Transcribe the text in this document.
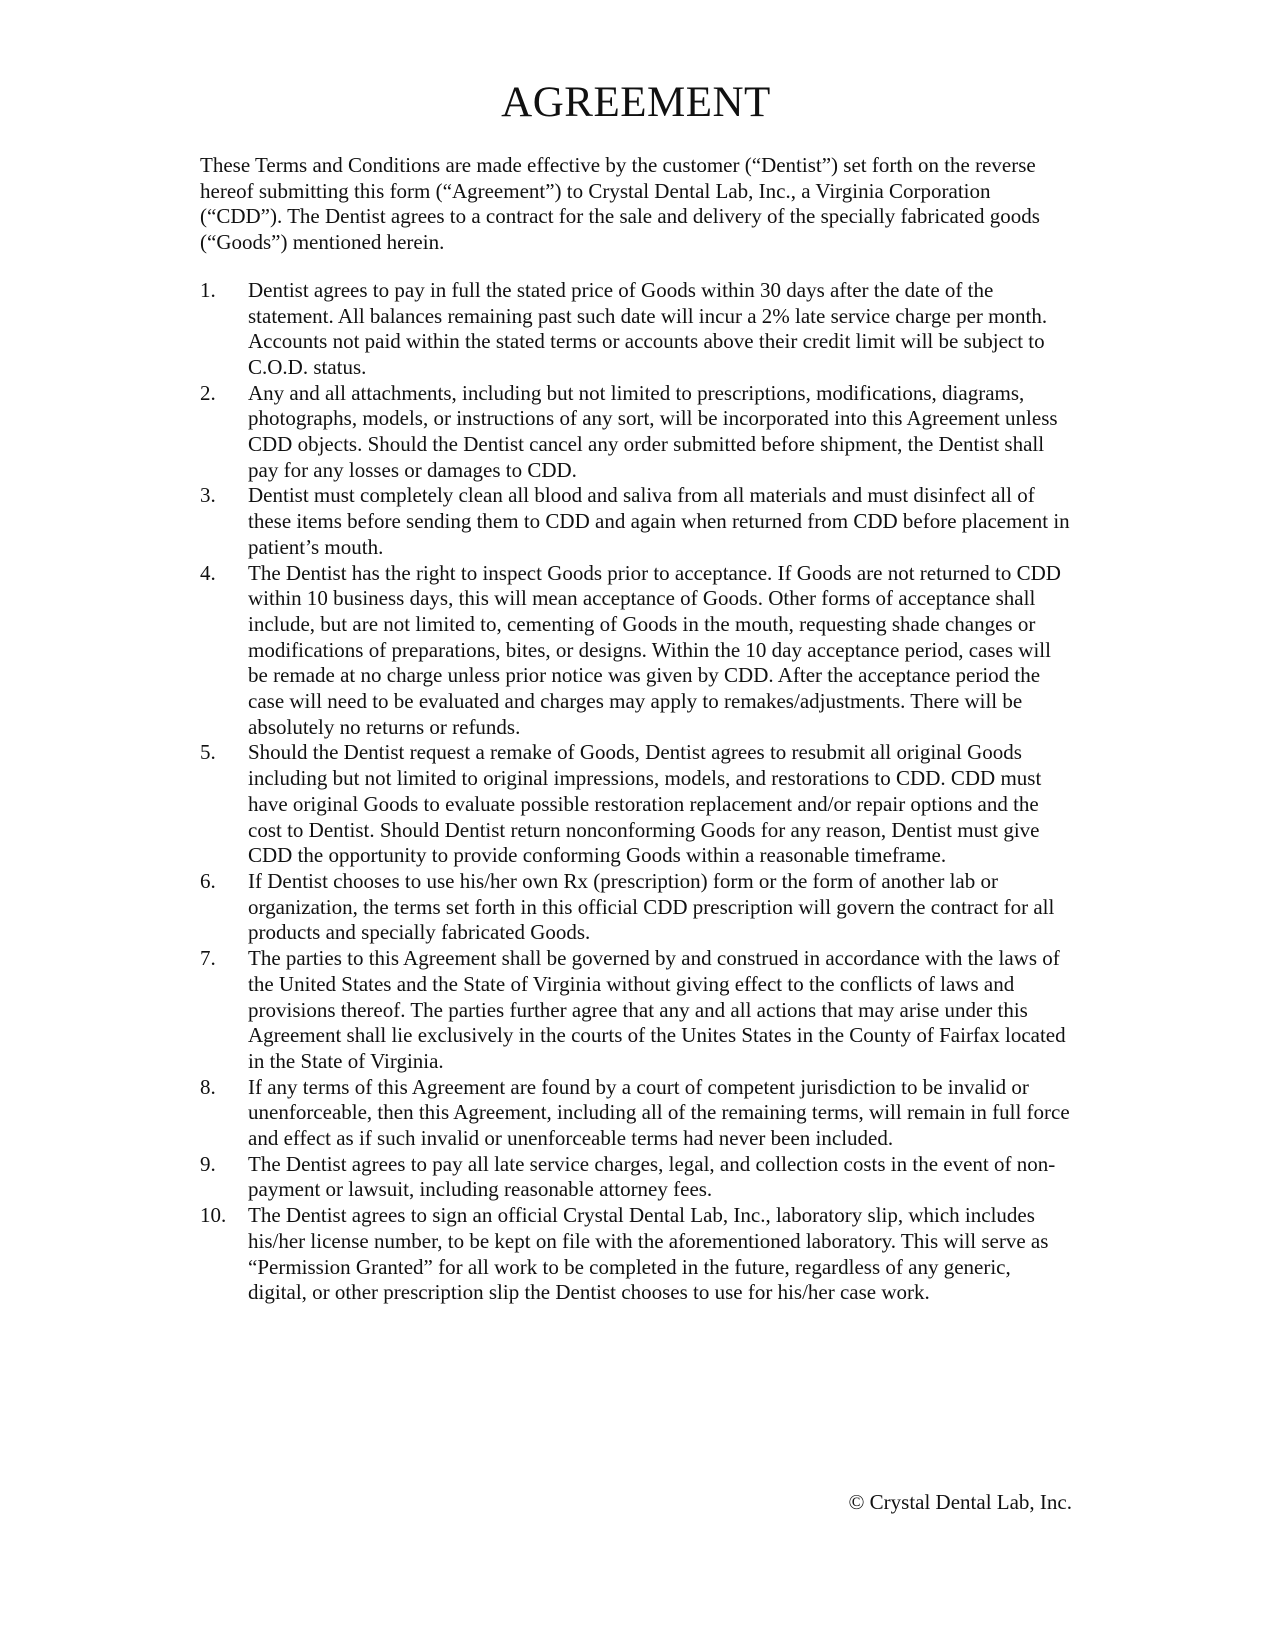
AGREEMENT

These Terms and Conditions are made effective by the customer (“Dentist”) set forth on the reverse hereof submitting this form (“Agreement”) to Crystal Dental Lab, Inc., a Virginia Corporation (“CDD”). The Dentist agrees to a contract for the sale and delivery of the specially fabricated goods (“Goods”) mentioned herein.

1.	Dentist agrees to pay in full the stated price of Goods within 30 days after the date of the statement. All balances remaining past such date will incur a 2% late service charge per month. Accounts not paid within the stated terms or accounts above their credit limit will be subject to C.O.D. status.
2.	Any and all attachments, including but not limited to prescriptions, modifications, diagrams, photographs, models, or instructions of any sort, will be incorporated into this Agreement unless CDD objects. Should the Dentist cancel any order submitted before shipment, the Dentist shall pay for any losses or damages to CDD.
3.	Dentist must completely clean all blood and saliva from all materials and must disinfect all of these items before sending them to CDD and again when returned from CDD before placement in patient’s mouth.
4.	The Dentist has the right to inspect Goods prior to acceptance. If Goods are not returned to CDD within 10 business days, this will mean acceptance of Goods. Other forms of acceptance shall include, but are not limited to, cementing of Goods in the mouth, requesting shade changes or modifications of preparations, bites, or designs. Within the 10 day acceptance period, cases will be remade at no charge unless prior notice was given by CDD. After the acceptance period the case will need to be evaluated and charges may apply to remakes/adjustments. There will be absolutely no returns or refunds.
5.	Should the Dentist request a remake of Goods, Dentist agrees to resubmit all original Goods including but not limited to original impressions, models, and restorations to CDD. CDD must have original Goods to evaluate possible restoration replacement and/or repair options and the cost to Dentist. Should Dentist return nonconforming Goods for any reason, Dentist must give CDD the opportunity to provide conforming Goods within a reasonable timeframe.
6.	If Dentist chooses to use his/her own Rx (prescription) form or the form of another lab or organization, the terms set forth in this official CDD prescription will govern the contract for all products and specially fabricated Goods.
7.	The parties to this Agreement shall be governed by and construed in accordance with the laws of the United States and the State of Virginia without giving effect to the conflicts of laws and provisions thereof. The parties further agree that any and all actions that may arise under this Agreement shall lie exclusively in the courts of the Unites States in the County of Fairfax located in the State of Virginia.
8.	If any terms of this Agreement are found by a court of competent jurisdiction to be invalid or unenforceable, then this Agreement, including all of the remaining terms, will remain in full force and effect as if such invalid or unenforceable terms had never been included.
9.	The Dentist agrees to pay all late service charges, legal, and collection costs in the event of non-payment or lawsuit, including reasonable attorney fees.
10.	The Dentist agrees to sign an official Crystal Dental Lab, Inc., laboratory slip, which includes his/her license number, to be kept on file with the aforementioned laboratory. This will serve as “Permission Granted” for all work to be completed in the future, regardless of any generic, digital, or other prescription slip the Dentist chooses to use for his/her case work.
© Crystal Dental Lab, Inc.
